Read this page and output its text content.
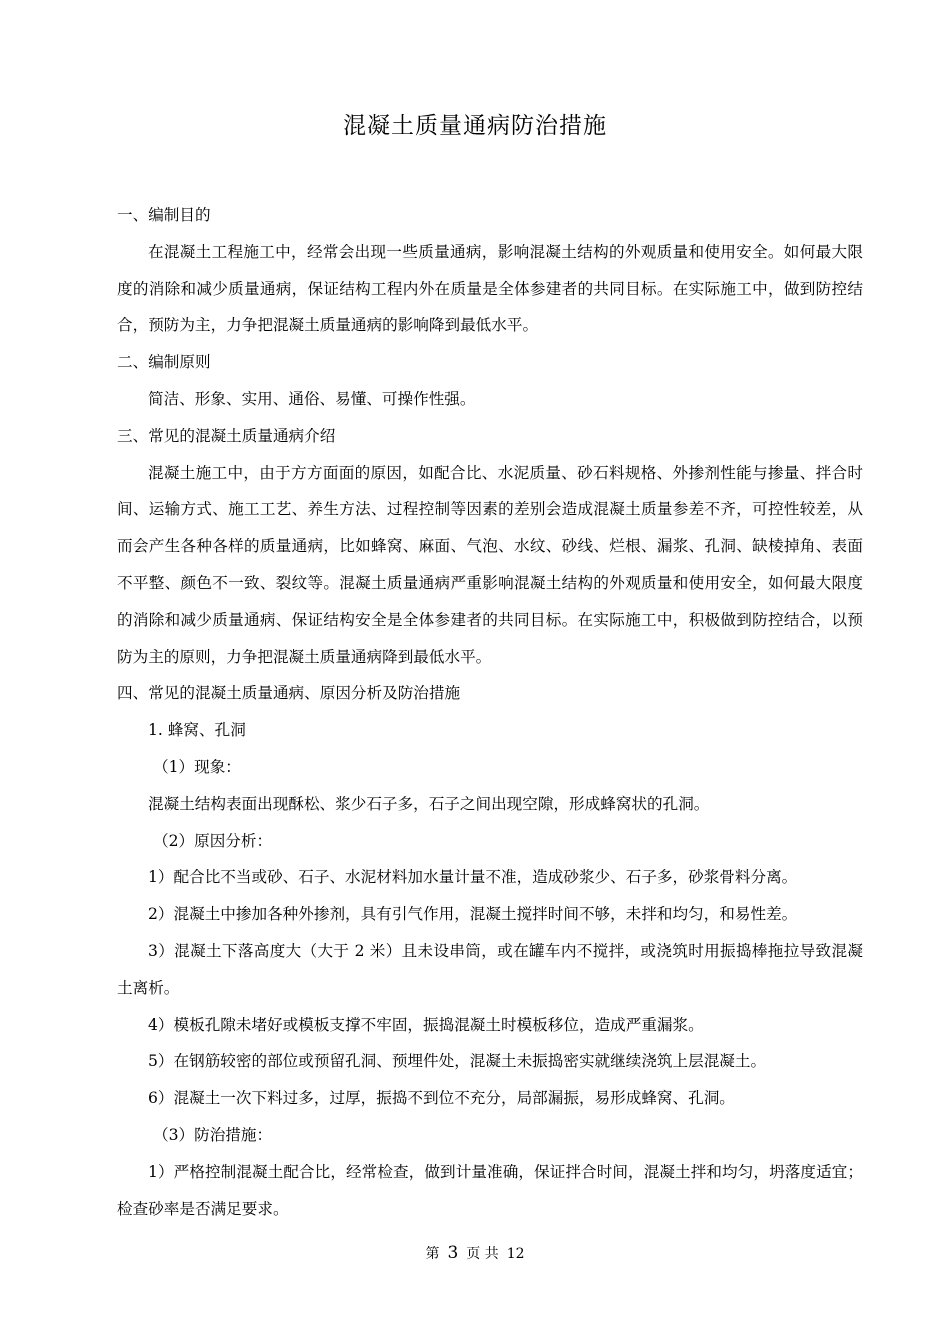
混凝土质量通病防治措施

一、编制目的

在混凝土工程施工中，经常会出现一些质量通病，影响混凝土结构的外观质量和使用安全。如何最大限度的消除和减少质量通病，保证结构工程内外在质量是全体参建者的共同目标。在实际施工中，做到防控结合，预防为主，力争把混凝土质量通病的影响降到最低水平。

二、编制原则

简洁、形象、实用、通俗、易懂、可操作性强。

三、常见的混凝土质量通病介绍

混凝土施工中，由于方方面面的原因，如配合比、水泥质量、砂石料规格、外掺剂性能与掺量、拌合时间、运输方式、施工工艺、养生方法、过程控制等因素的差别会造成混凝土质量参差不齐，可控性较差，从而会产生各种各样的质量通病，比如蜂窝、麻面、气泡、水纹、砂线、烂根、漏浆、孔洞、缺棱掉角、表面不平整、颜色不一致、裂纹等。混凝土质量通病严重影响混凝土结构的外观质量和使用安全，如何最大限度的消除和减少质量通病、保证结构安全是全体参建者的共同目标。在实际施工中，积极做到防控结合，以预防为主的原则，力争把混凝土质量通病降到最低水平。

四、常见的混凝土质量通病、原因分析及防治措施

1. 蜂窝、孔洞

（1）现象：

混凝土结构表面出现酥松、浆少石子多，石子之间出现空隙，形成蜂窝状的孔洞。

（2）原因分析：

1）配合比不当或砂、石子、水泥材料加水量计量不准，造成砂浆少、石子多，砂浆骨料分离。

2）混凝土中掺加各种外掺剂，具有引气作用，混凝土搅拌时间不够，未拌和均匀，和易性差。

3）混凝土下落高度大（大于 2 米）且未设串筒，或在罐车内不搅拌，或浇筑时用振捣棒拖拉导致混凝土离析。

4）模板孔隙未堵好或模板支撑不牢固，振捣混凝土时模板移位，造成严重漏浆。

5）在钢筋较密的部位或预留孔洞、预埋件处，混凝土未振捣密实就继续浇筑上层混凝土。

6）混凝土一次下料过多，过厚，振捣不到位不充分，局部漏振，易形成蜂窝、孔洞。

（3）防治措施：

1）严格控制混凝土配合比，经常检查，做到计量准确，保证拌合时间，混凝土拌和均匀，坍落度适宜；检查砂率是否满足要求。

第 3 页 共 12
